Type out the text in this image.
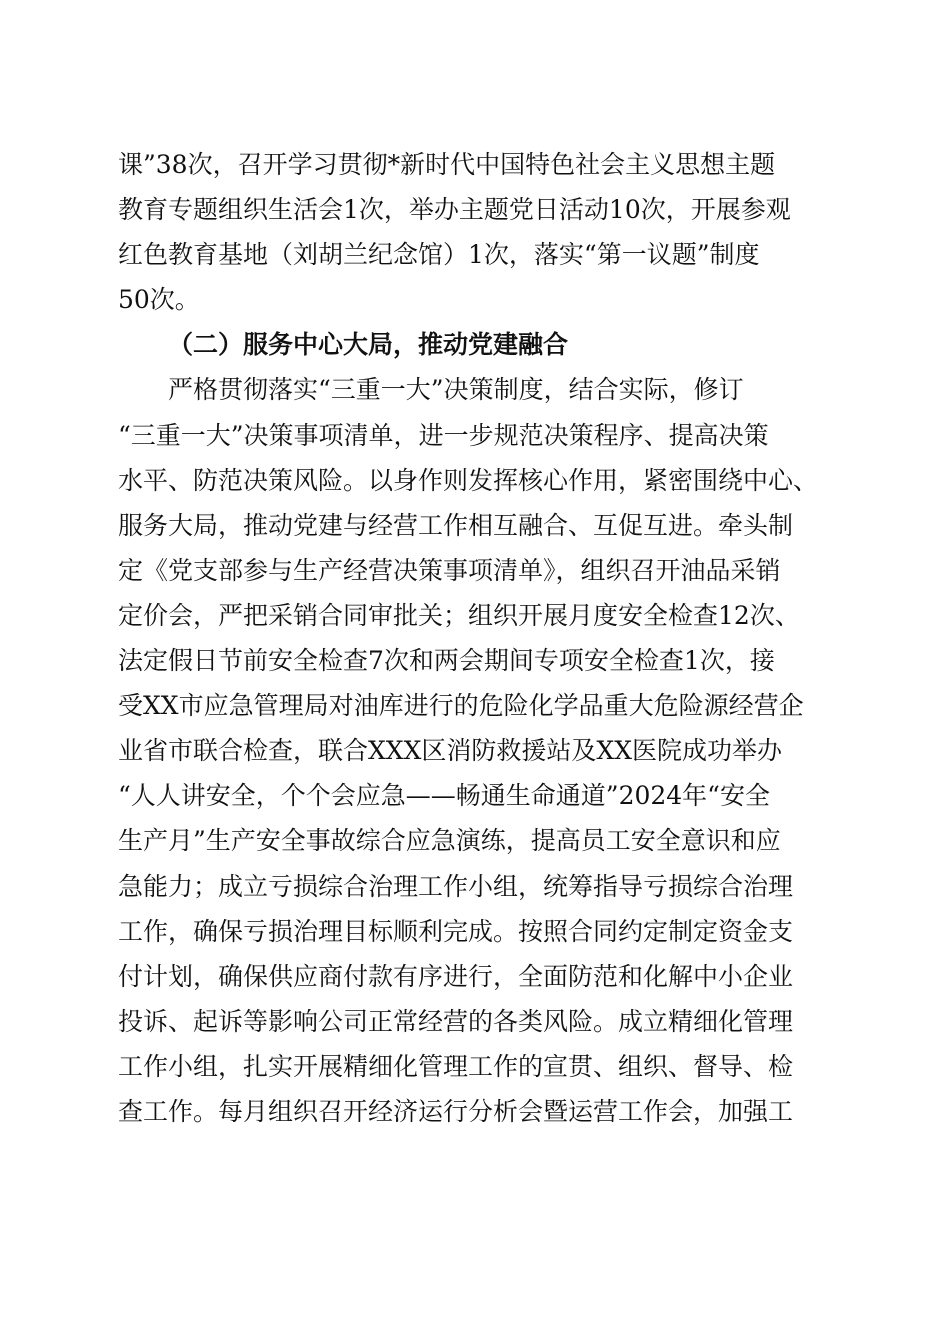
课”38次，召开学习贯彻*新时代中国特色社会主义思想主题
教育专题组织生活会1次，举办主题党日活动10次，开展参观
红色教育基地（刘胡兰纪念馆）1次，落实“第一议题”制度
50次。
（二）服务中心大局，推动党建融合
严格贯彻落实“三重一大”决策制度，结合实际，修订
“三重一大”决策事项清单，进一步规范决策程序、提高决策
水平、防范决策风险。以身作则发挥核心作用，紧密围绕中心、
服务大局，推动党建与经营工作相互融合、互促互进。牵头制
定《党支部参与生产经营决策事项清单》，组织召开油品采销
定价会，严把采销合同审批关；组织开展月度安全检查12次、
法定假日节前安全检查7次和两会期间专项安全检查1次，接
受XX市应急管理局对油库进行的危险化学品重大危险源经营企
业省市联合检查，联合XXX区消防救援站及XX医院成功举办
“人人讲安全，个个会应急——畅通生命通道”2024年“安全
生产月”生产安全事故综合应急演练，提高员工安全意识和应
急能力；成立亏损综合治理工作小组，统筹指导亏损综合治理
工作，确保亏损治理目标顺利完成。按照合同约定制定资金支
付计划，确保供应商付款有序进行，全面防范和化解中小企业
投诉、起诉等影响公司正常经营的各类风险。成立精细化管理
工作小组，扎实开展精细化管理工作的宣贯、组织、督导、检
查工作。每月组织召开经济运行分析会暨运营工作会，加强工
